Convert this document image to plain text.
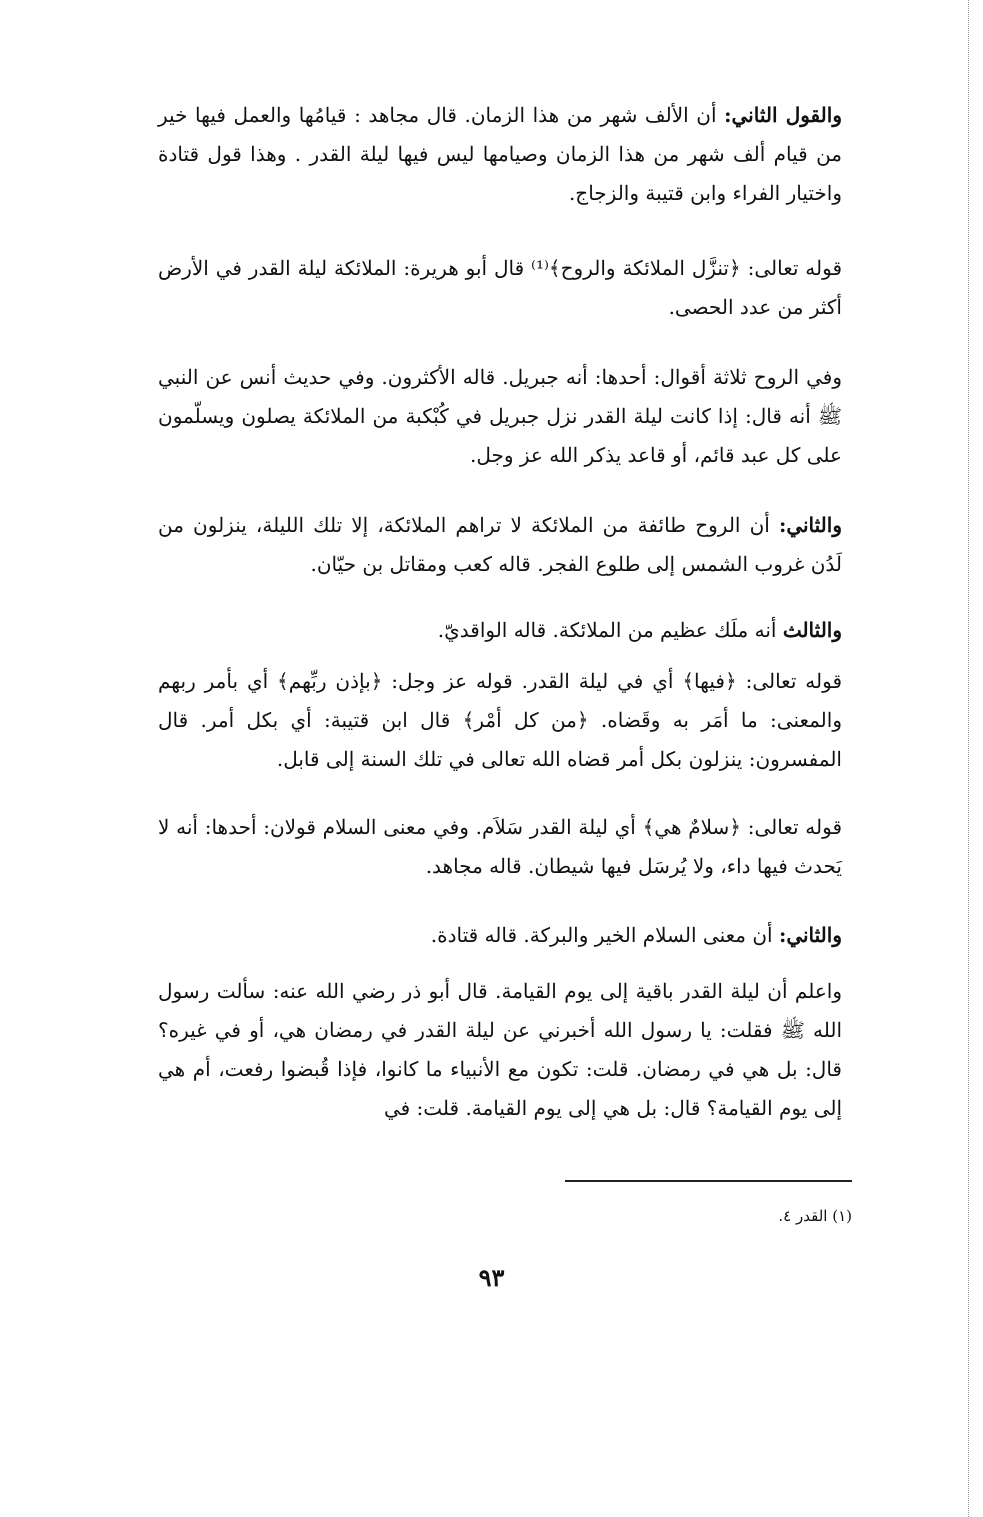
والقول الثاني: أن الألف شهر من هذا الزمان. قال مجاهد : قيامُها والعمل فيها خير من قيام ألف شهر من هذا الزمان وصيامها ليس فيها ليلة القدر . وهذا قول قتادة واختيار الفراء وابن قتيبة والزجاج.

قوله تعالى: ﴿تنزَّل الملائكة والروح﴾⁽¹⁾ قال أبو هريرة: الملائكة ليلة القدر في الأرض أكثر من عدد الحصى.

وفي الروح ثلاثة أقوال: أحدها: أنه جبريل. قاله الأكثرون. وفي حديث أنس عن النبي ﷺ أنه قال: إذا كانت ليلة القدر نزل جبريل في كُبْكبة من الملائكة يصلون ويسلّمون على كل عبد قائم، أو قاعد يذكر الله عز وجل.

والثاني: أن الروح طائفة من الملائكة لا تراهم الملائكة، إلا تلك الليلة، ينزلون من لَدُن غروب الشمس إلى طلوع الفجر. قاله كعب ومقاتل بن حيّان.

والثالث أنه ملَك عظيم من الملائكة. قاله الواقديّ.

قوله تعالى: ﴿فيها﴾ أي في ليلة القدر. قوله عز وجل: ﴿بإذن ربِّهم﴾ أي بأمر ربهم والمعنى: ما أمَر به وقَضاه. ﴿من كل أمْر﴾ قال ابن قتيبة: أي بكل أمر. قال المفسرون: ينزلون بكل أمر قضاه الله تعالى في تلك السنة إلى قابل.

قوله تعالى: ﴿سلامٌ هي﴾ أي ليلة القدر سَلاَم. وفي معنى السلام قولان: أحدها: أنه لا يَحدث فيها داء، ولا يُرسَل فيها شيطان. قاله مجاهد.

والثاني: أن معنى السلام الخير والبركة. قاله قتادة.

واعلم أن ليلة القدر باقية إلى يوم القيامة. قال أبو ذر رضي الله عنه: سألت رسول الله ﷺ فقلت: يا رسول الله أخبرني عن ليلة القدر في رمضان هي، أو في غيره؟ قال: بل هي في رمضان. قلت: تكون مع الأنبياء ما كانوا، فإذا قُبضوا رفعت، أم هي إلى يوم القيامة؟ قال: بل هي إلى يوم القيامة. قلت: في

(١) القدر ٤.
٩٣
